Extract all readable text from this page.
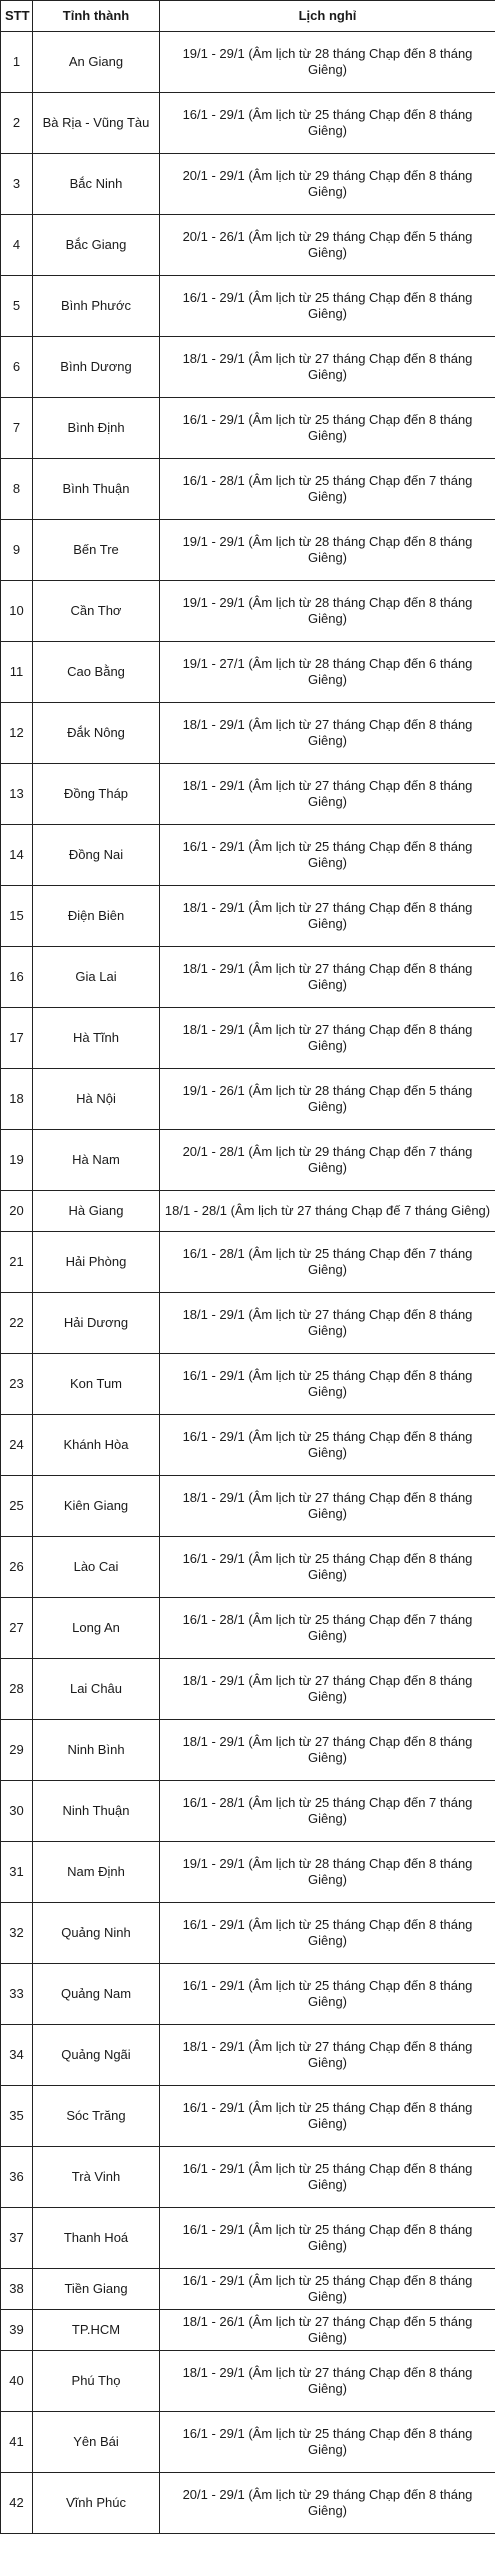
STT	Tỉnh thành	Lịch nghỉ
1	An Giang	19/1 - 29/1 (Âm lịch từ 28 tháng Chạp đến 8 tháng Giêng)
2	Bà Rịa - Vũng Tàu	16/1 - 29/1 (Âm lịch từ 25 tháng Chạp đến 8 tháng Giêng)
3	Bắc Ninh	20/1 - 29/1 (Âm lịch từ 29 tháng Chạp đến 8 tháng Giêng)
4	Bắc Giang	20/1 - 26/1 (Âm lịch từ 29 tháng Chạp đến 5 tháng Giêng)
5	Bình Phước	16/1 - 29/1 (Âm lịch từ 25 tháng Chạp đến 8 tháng Giêng)
6	Bình Dương	18/1 - 29/1 (Âm lịch từ 27 tháng Chạp đến 8 tháng Giêng)
7	Bình Định	16/1 - 29/1 (Âm lịch từ 25 tháng Chạp đến 8 tháng Giêng)
8	Bình Thuận	16/1 - 28/1 (Âm lịch từ 25 tháng Chạp đến 7 tháng Giêng)
9	Bến Tre	19/1 - 29/1 (Âm lịch từ 28 tháng Chạp đến 8 tháng Giêng)
10	Cần Thơ	19/1 - 29/1 (Âm lịch từ 28 tháng Chạp đến 8 tháng Giêng)
11	Cao Bằng	19/1 - 27/1 (Âm lịch từ 28 tháng Chạp đến 6 tháng Giêng)
12	Đắk Nông	18/1 - 29/1 (Âm lịch từ 27 tháng Chạp đến 8 tháng Giêng)
13	Đồng Tháp	18/1 - 29/1 (Âm lịch từ 27 tháng Chạp đến 8 tháng Giêng)
14	Đồng Nai	16/1 - 29/1 (Âm lịch từ 25 tháng Chạp đến 8 tháng Giêng)
15	Điện Biên	18/1 - 29/1 (Âm lịch từ 27 tháng Chạp đến 8 tháng Giêng)
16	Gia Lai	18/1 - 29/1 (Âm lịch từ 27 tháng Chạp đến 8 tháng Giêng)
17	Hà Tĩnh	18/1 - 29/1 (Âm lịch từ 27 tháng Chạp đến 8 tháng Giêng)
18	Hà Nội	19/1 - 26/1 (Âm lịch từ 28 tháng Chạp đến 5 tháng Giêng)
19	Hà Nam	20/1 - 28/1 (Âm lịch từ 29 tháng Chạp đến 7 tháng Giêng)
20	Hà Giang	18/1 - 28/1 (Âm lịch từ 27 tháng Chạp đế 7 tháng Giêng)
21	Hải Phòng	16/1 - 28/1 (Âm lịch từ 25 tháng Chạp đến 7 tháng Giêng)
22	Hải Dương	18/1 - 29/1 (Âm lịch từ 27 tháng Chạp đến 8 tháng Giêng)
23	Kon Tum	16/1 - 29/1 (Âm lịch từ 25 tháng Chạp đến 8 tháng Giêng)
24	Khánh Hòa	16/1 - 29/1 (Âm lịch từ 25 tháng Chạp đến 8 tháng Giêng)
25	Kiên Giang	18/1 - 29/1 (Âm lịch từ 27 tháng Chạp đến 8 tháng Giêng)
26	Lào Cai	16/1 - 29/1 (Âm lịch từ 25 tháng Chạp đến 8 tháng Giêng)
27	Long An	16/1 - 28/1 (Âm lịch từ 25 tháng Chạp đến 7 tháng Giêng)
28	Lai Châu	18/1 - 29/1 (Âm lịch từ 27 tháng Chạp đến 8 tháng Giêng)
29	Ninh Bình	18/1 - 29/1 (Âm lịch từ 27 tháng Chạp đến 8 tháng Giêng)
30	Ninh Thuận	16/1 - 28/1 (Âm lịch từ 25 tháng Chạp đến 7 tháng Giêng)
31	Nam Định	19/1 - 29/1 (Âm lịch từ 28 tháng Chạp đến 8 tháng Giêng)
32	Quảng Ninh	16/1 - 29/1 (Âm lịch từ 25 tháng Chạp đến 8 tháng Giêng)
33	Quảng Nam	16/1 - 29/1 (Âm lịch từ 25 tháng Chạp đến 8 tháng Giêng)
34	Quảng Ngãi	18/1 - 29/1 (Âm lịch từ 27 tháng Chạp đến 8 tháng Giêng)
35	Sóc Trăng	16/1 - 29/1 (Âm lịch từ 25 tháng Chạp đến 8 tháng Giêng)
36	Trà Vinh	16/1 - 29/1 (Âm lịch từ 25 tháng Chạp đến 8 tháng Giêng)
37	Thanh Hoá	16/1 - 29/1 (Âm lịch từ 25 tháng Chạp đến 8 tháng Giêng)
38	Tiền Giang	16/1 - 29/1 (Âm lịch từ 25 tháng Chạp đến 8 tháng Giêng)
39	TP.HCM	18/1 - 26/1 (Âm lịch từ 27 tháng Chạp đến 5 tháng Giêng)
40	Phú Thọ	18/1 - 29/1 (Âm lịch từ 27 tháng Chạp đến 8 tháng Giêng)
41	Yên Bái	16/1 - 29/1 (Âm lịch từ 25 tháng Chạp đến 8 tháng Giêng)
42	Vĩnh Phúc	20/1 - 29/1 (Âm lịch từ 29 tháng Chạp đến 8 tháng Giêng)
